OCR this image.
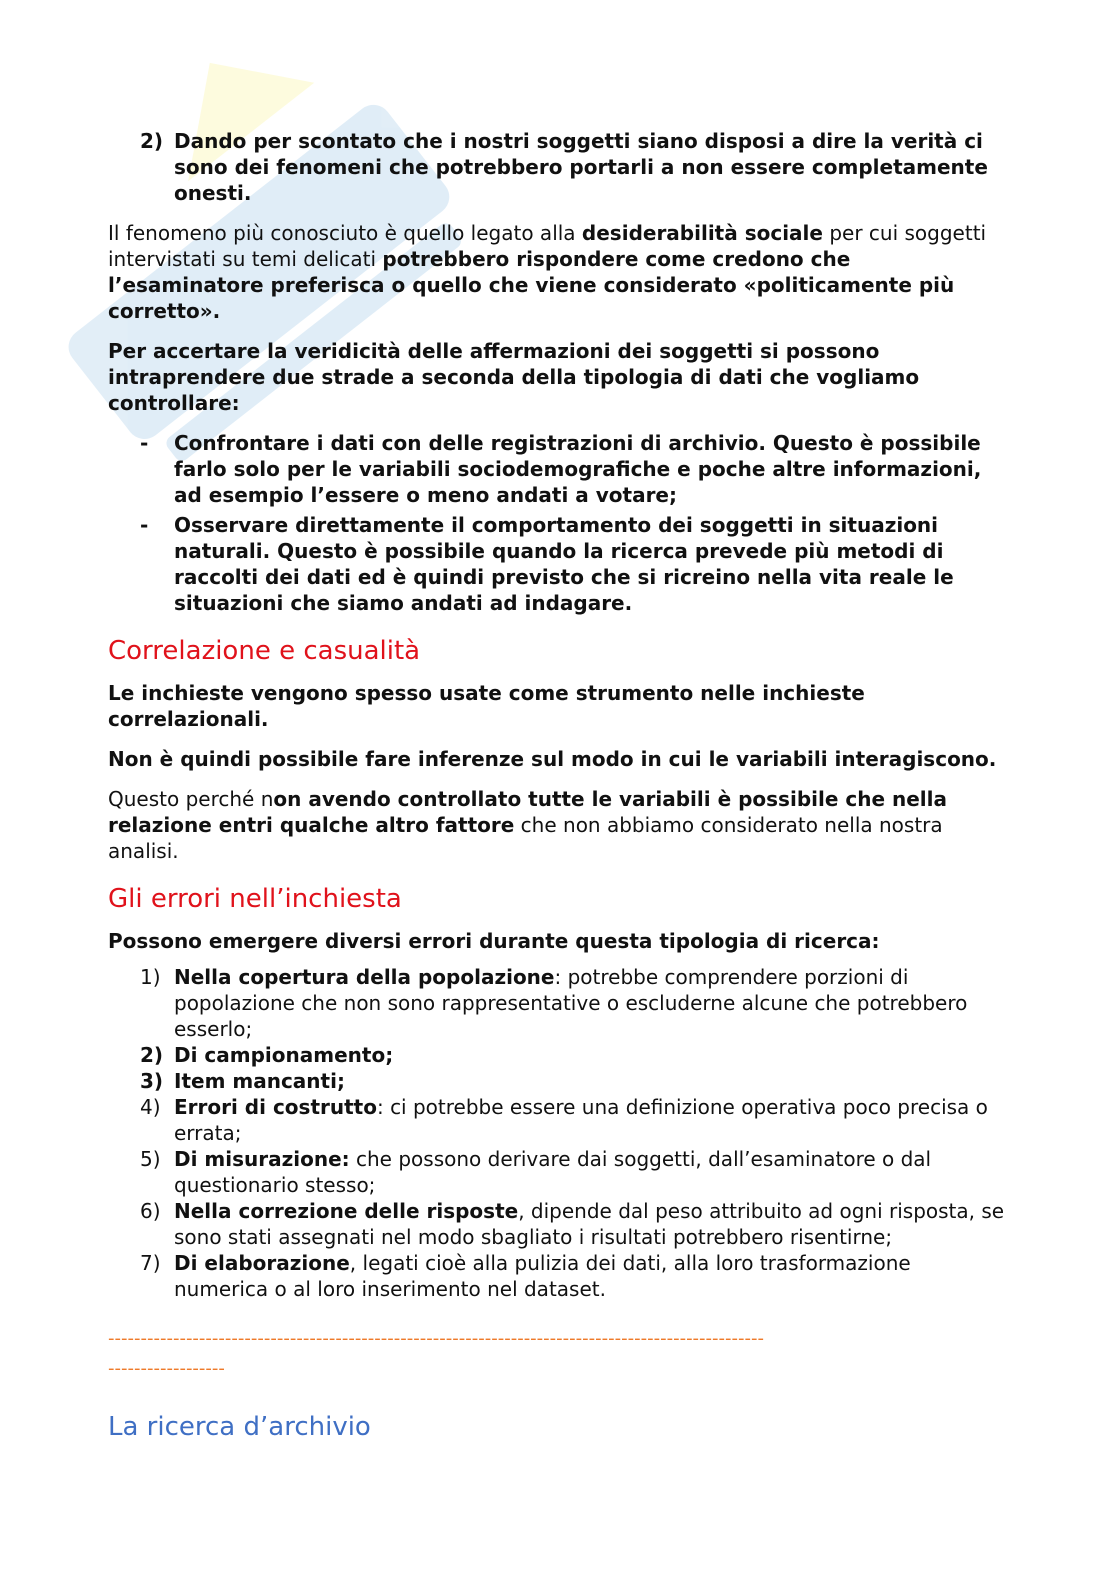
2) Dando per scontato che i nostri soggetti siano disposi a dire la verità ci sono dei fenomeni che potrebbero portarli a non essere completamente onesti.

Il fenomeno più conosciuto è quello legato alla desiderabilità sociale per cui soggetti intervistati su temi delicati potrebbero rispondere come credono che l’esaminatore preferisca o quello che viene considerato «politicamente più corretto».

Per accertare la veridicità delle affermazioni dei soggetti si possono intraprendere due strade a seconda della tipologia di dati che vogliamo controllare:

- Confrontare i dati con delle registrazioni di archivio. Questo è possibile farlo solo per le variabili sociodemografiche e poche altre informazioni, ad esempio l’essere o meno andati a votare;
- Osservare direttamente il comportamento dei soggetti in situazioni naturali. Questo è possibile quando la ricerca prevede più metodi di raccolti dei dati ed è quindi previsto che si ricreino nella vita reale le situazioni che siamo andati ad indagare.
Correlazione e casualità

Le inchieste vengono spesso usate come strumento nelle inchieste correlazionali.

Non è quindi possibile fare inferenze sul modo in cui le variabili interagiscono.

Questo perché non avendo controllato tutte le variabili è possibile che nella relazione entri qualche altro fattore che non abbiamo considerato nella nostra analisi.

Gli errori nell’inchiesta

Possono emergere diversi errori durante questa tipologia di ricerca:

1) Nella copertura della popolazione: potrebbe comprendere porzioni di popolazione che non sono rappresentative o escluderne alcune che potrebbero esserlo;
2) Di campionamento;
3) Item mancanti;
4) Errori di costrutto: ci potrebbe essere una definizione operativa poco precisa o errata;
5) Di misurazione: che possono derivare dai soggetti, dall’esaminatore o dal questionario stesso;
6) Nella correzione delle risposte, dipende dal peso attribuito ad ogni risposta, se sono stati assegnati nel modo sbagliato i risultati potrebbero risentirne;
7) Di elaborazione, legati cioè alla pulizia dei dati, alla loro trasformazione numerica o al loro inserimento nel dataset.
-----------------------------------------------------------------------------------------------------
------------------
La ricerca d’archivio
